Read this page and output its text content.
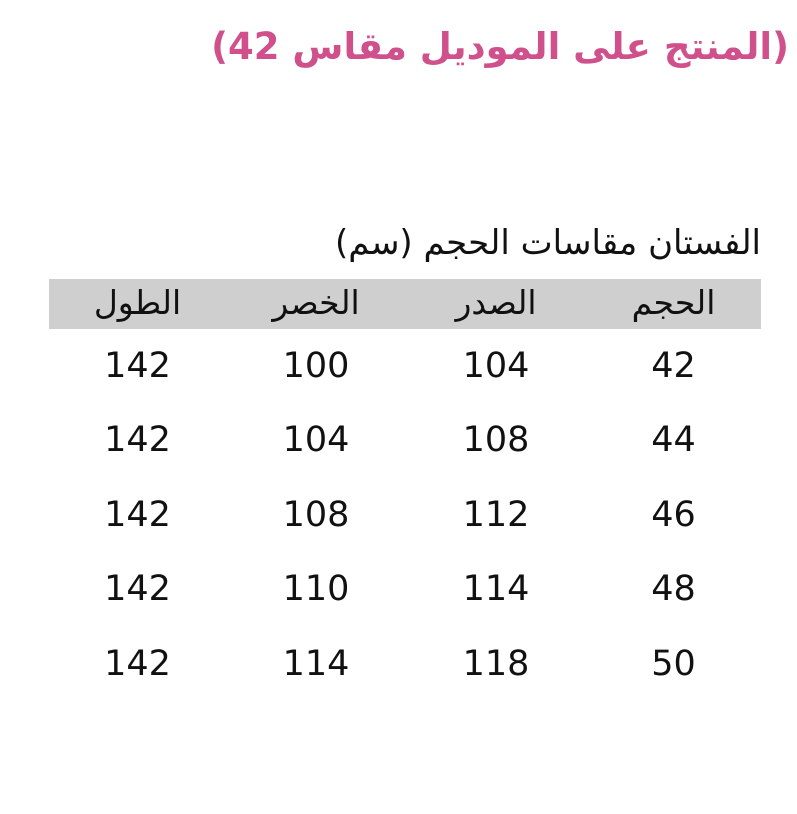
(المنتج على الموديل مقاس 42)
الفستان مقاسات الحجم (سم)
الحجم	الصدر	الخصر	الطول
42	104	100	142
44	108	104	142
46	112	108	142
48	114	110	142
50	118	114	142
